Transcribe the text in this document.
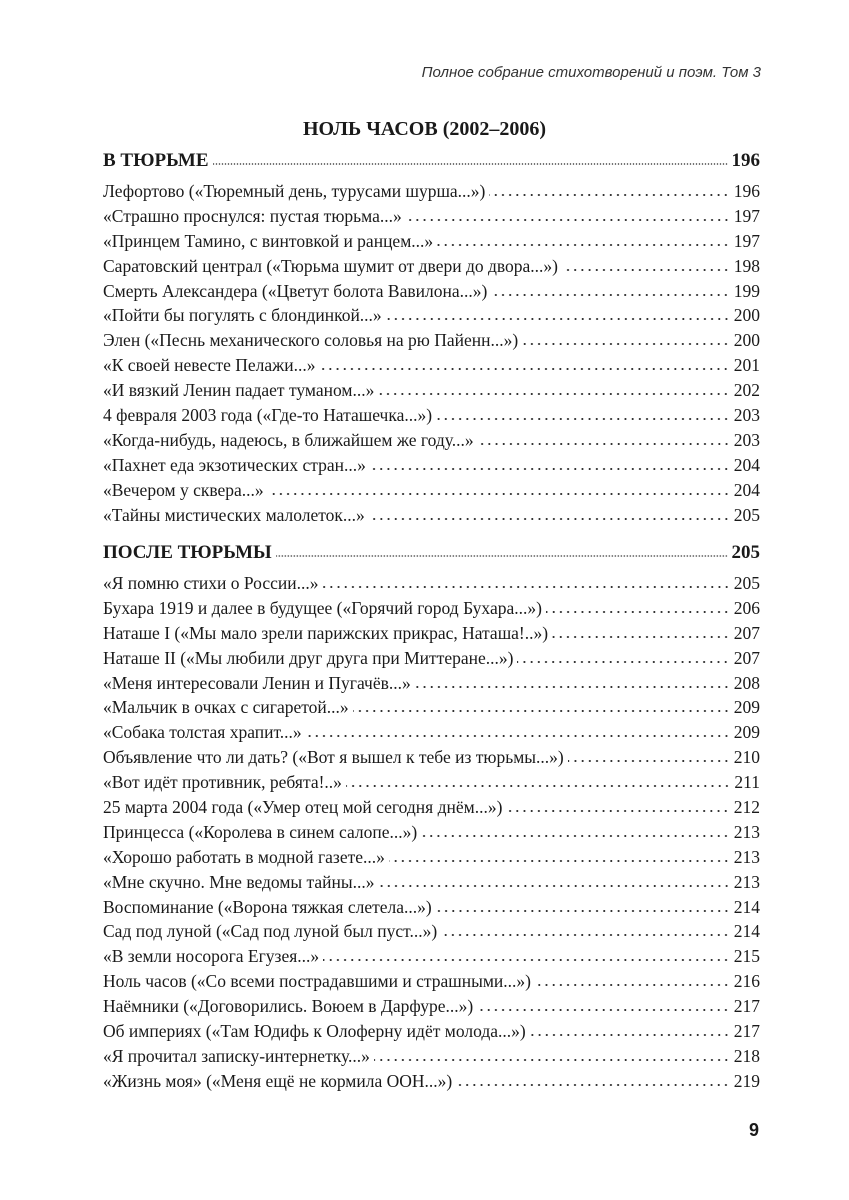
Полное собрание стихотворений и поэм. Том 3
НОЛЬ ЧАСОВ (2002–2006)
В ТЮРЬМЕ	196
Лефортово («Тюремный день, турусами шурша...»)	196
«Страшно проснулся: пустая тюрьма...»	197
«Принцем Тамино, с винтовкой и ранцем...»	197
Саратовский централ («Тюрьма шумит от двери до двора...»)	198
Смерть Александера («Цветут болота Вавилона...»)	199
«Пойти бы погулять с блондинкой...»	200
Элен («Песнь механического соловья на рю Пайенн...»)	200
«К своей невесте Пелажи...»	201
«И вязкий Ленин падает туманом...»	202
4 февраля 2003 года («Где-то Наташечка...»)	203
«Когда-нибудь, надеюсь, в ближайшем же году...»	203
«Пахнет еда экзотических стран...»	204
«Вечером у сквера...»	204
«Тайны мистических малолеток...»	205
ПОСЛЕ ТЮРЬМЫ	205
«Я помню стихи о России...»	205
Бухара 1919 и далее в будущее («Горячий город Бухара...»)	206
Наташе I («Мы мало зрели парижских прикрас, Наташа!..»)	207
Наташе II («Мы любили друг друга при Миттеране...»)	207
«Меня интересовали Ленин и Пугачёв...»	208
«Мальчик в очках с сигаретой...»	209
«Собака толстая храпит...»	209
Объявление что ли дать? («Вот я вышел к тебе из тюрьмы...»)	210
«Вот идёт противник, ребята!..»	211
25 марта 2004 года («Умер отец мой сегодня днём...»)	212
Принцесса («Королева в синем салопе...»)	213
«Хорошо работать в модной газете...»	213
«Мне скучно. Мне ведомы тайны...»	213
Воспоминание («Ворона тяжкая слетела...»)	214
Сад под луной («Сад под луной был пуст...»)	214
«В земли носорога Егузея...»	215
Ноль часов («Со всеми пострадавшими и страшными...»)	216
Наёмники («Договорились. Воюем в Дарфуре...»)	217
Об империях («Там Юдифь к Олоферну идёт молода...»)	217
«Я прочитал записку-интернетку...»	218
«Жизнь моя» («Меня ещё не кормила ООН...»)	219
9
